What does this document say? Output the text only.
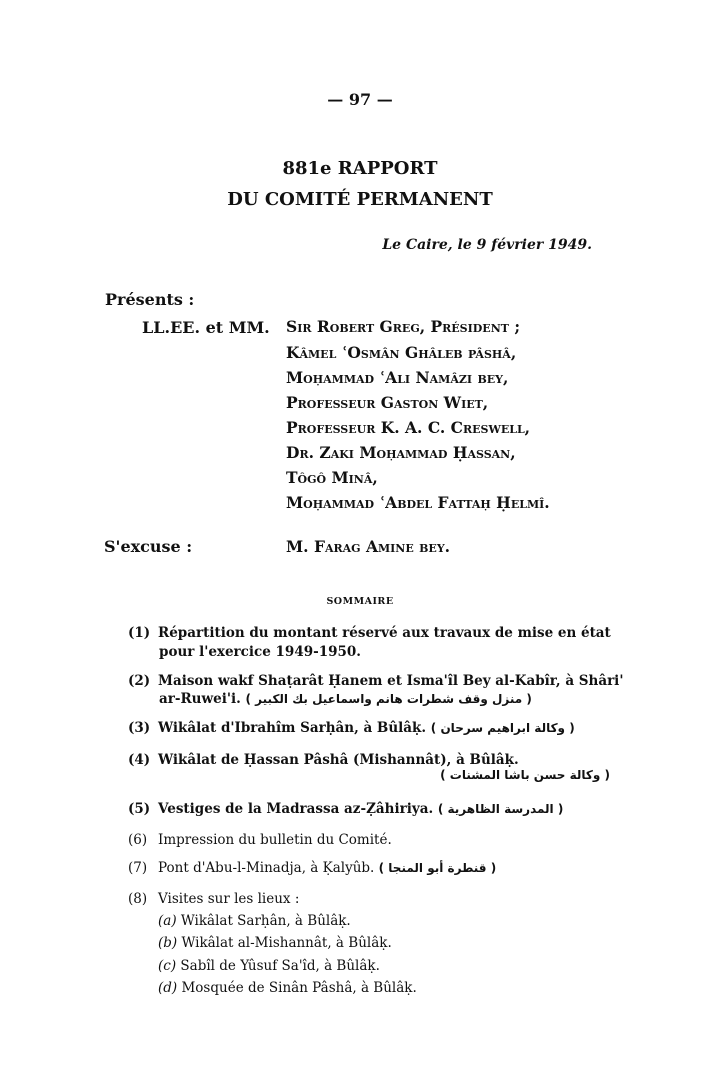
— 97 —
881e RAPPORT
DU COMITÉ PERMANENT
Le Caire, le 9 février 1949.
Présents :
LL.EE. et MM. Sir Robert Greg, Président ;
Kâmel ʿOsmân Ghâleb pâshâ,
Moḥammad ʿAli Namâzi bey,
Professeur Gaston Wiet,
Professeur K. A. C. Creswell,
Dr. Zaki Moḥammad Ḥassan,
Tôgô Minâ,
Moḥammad ʿAbdel Fattaḥ Ḥelmî.
S'excuse :	M. Farag Amine bey.
SOMMAIRE
(1) Répartition du montant réservé aux travaux de mise en état
pour l'exercice 1949-1950.
(2) Maison wakf Shaṭarât Ḥanem et Isma'îl Bey al-Kabîr, à Shâri'
ar-Ruwei'i. ( منزل وقف شطرات هانم واسماعيل بك الكبير )
(3) Wikâlat d'Ibrahîm Sarḥân, à Bûlâḳ. ( وكالة ابراهيم سرحان )
(4) Wikâlat de Ḥassan Pâshâ (Mishannât), à Bûlâḳ.
( وكالة حسن باشا المشنات )
(5) Vestiges de la Madrassa az-Ẓâhiriya. ( المدرسة الظاهرية )
(6) Impression du bulletin du Comité.
(7) Pont d'Abu-l-Minadja, à Ḳalyûb. ( قنطرة أبو المنجا )
(8) Visites sur les lieux :
(a) Wikâlat Sarḥân, à Bûlâḳ.
(b) Wikâlat al-Mishannât, à Bûlâḳ.
(c) Sabîl de Yûsuf Sa'îd, à Bûlâḳ.
(d) Mosquée de Sinân Pâshâ, à Bûlâḳ.
